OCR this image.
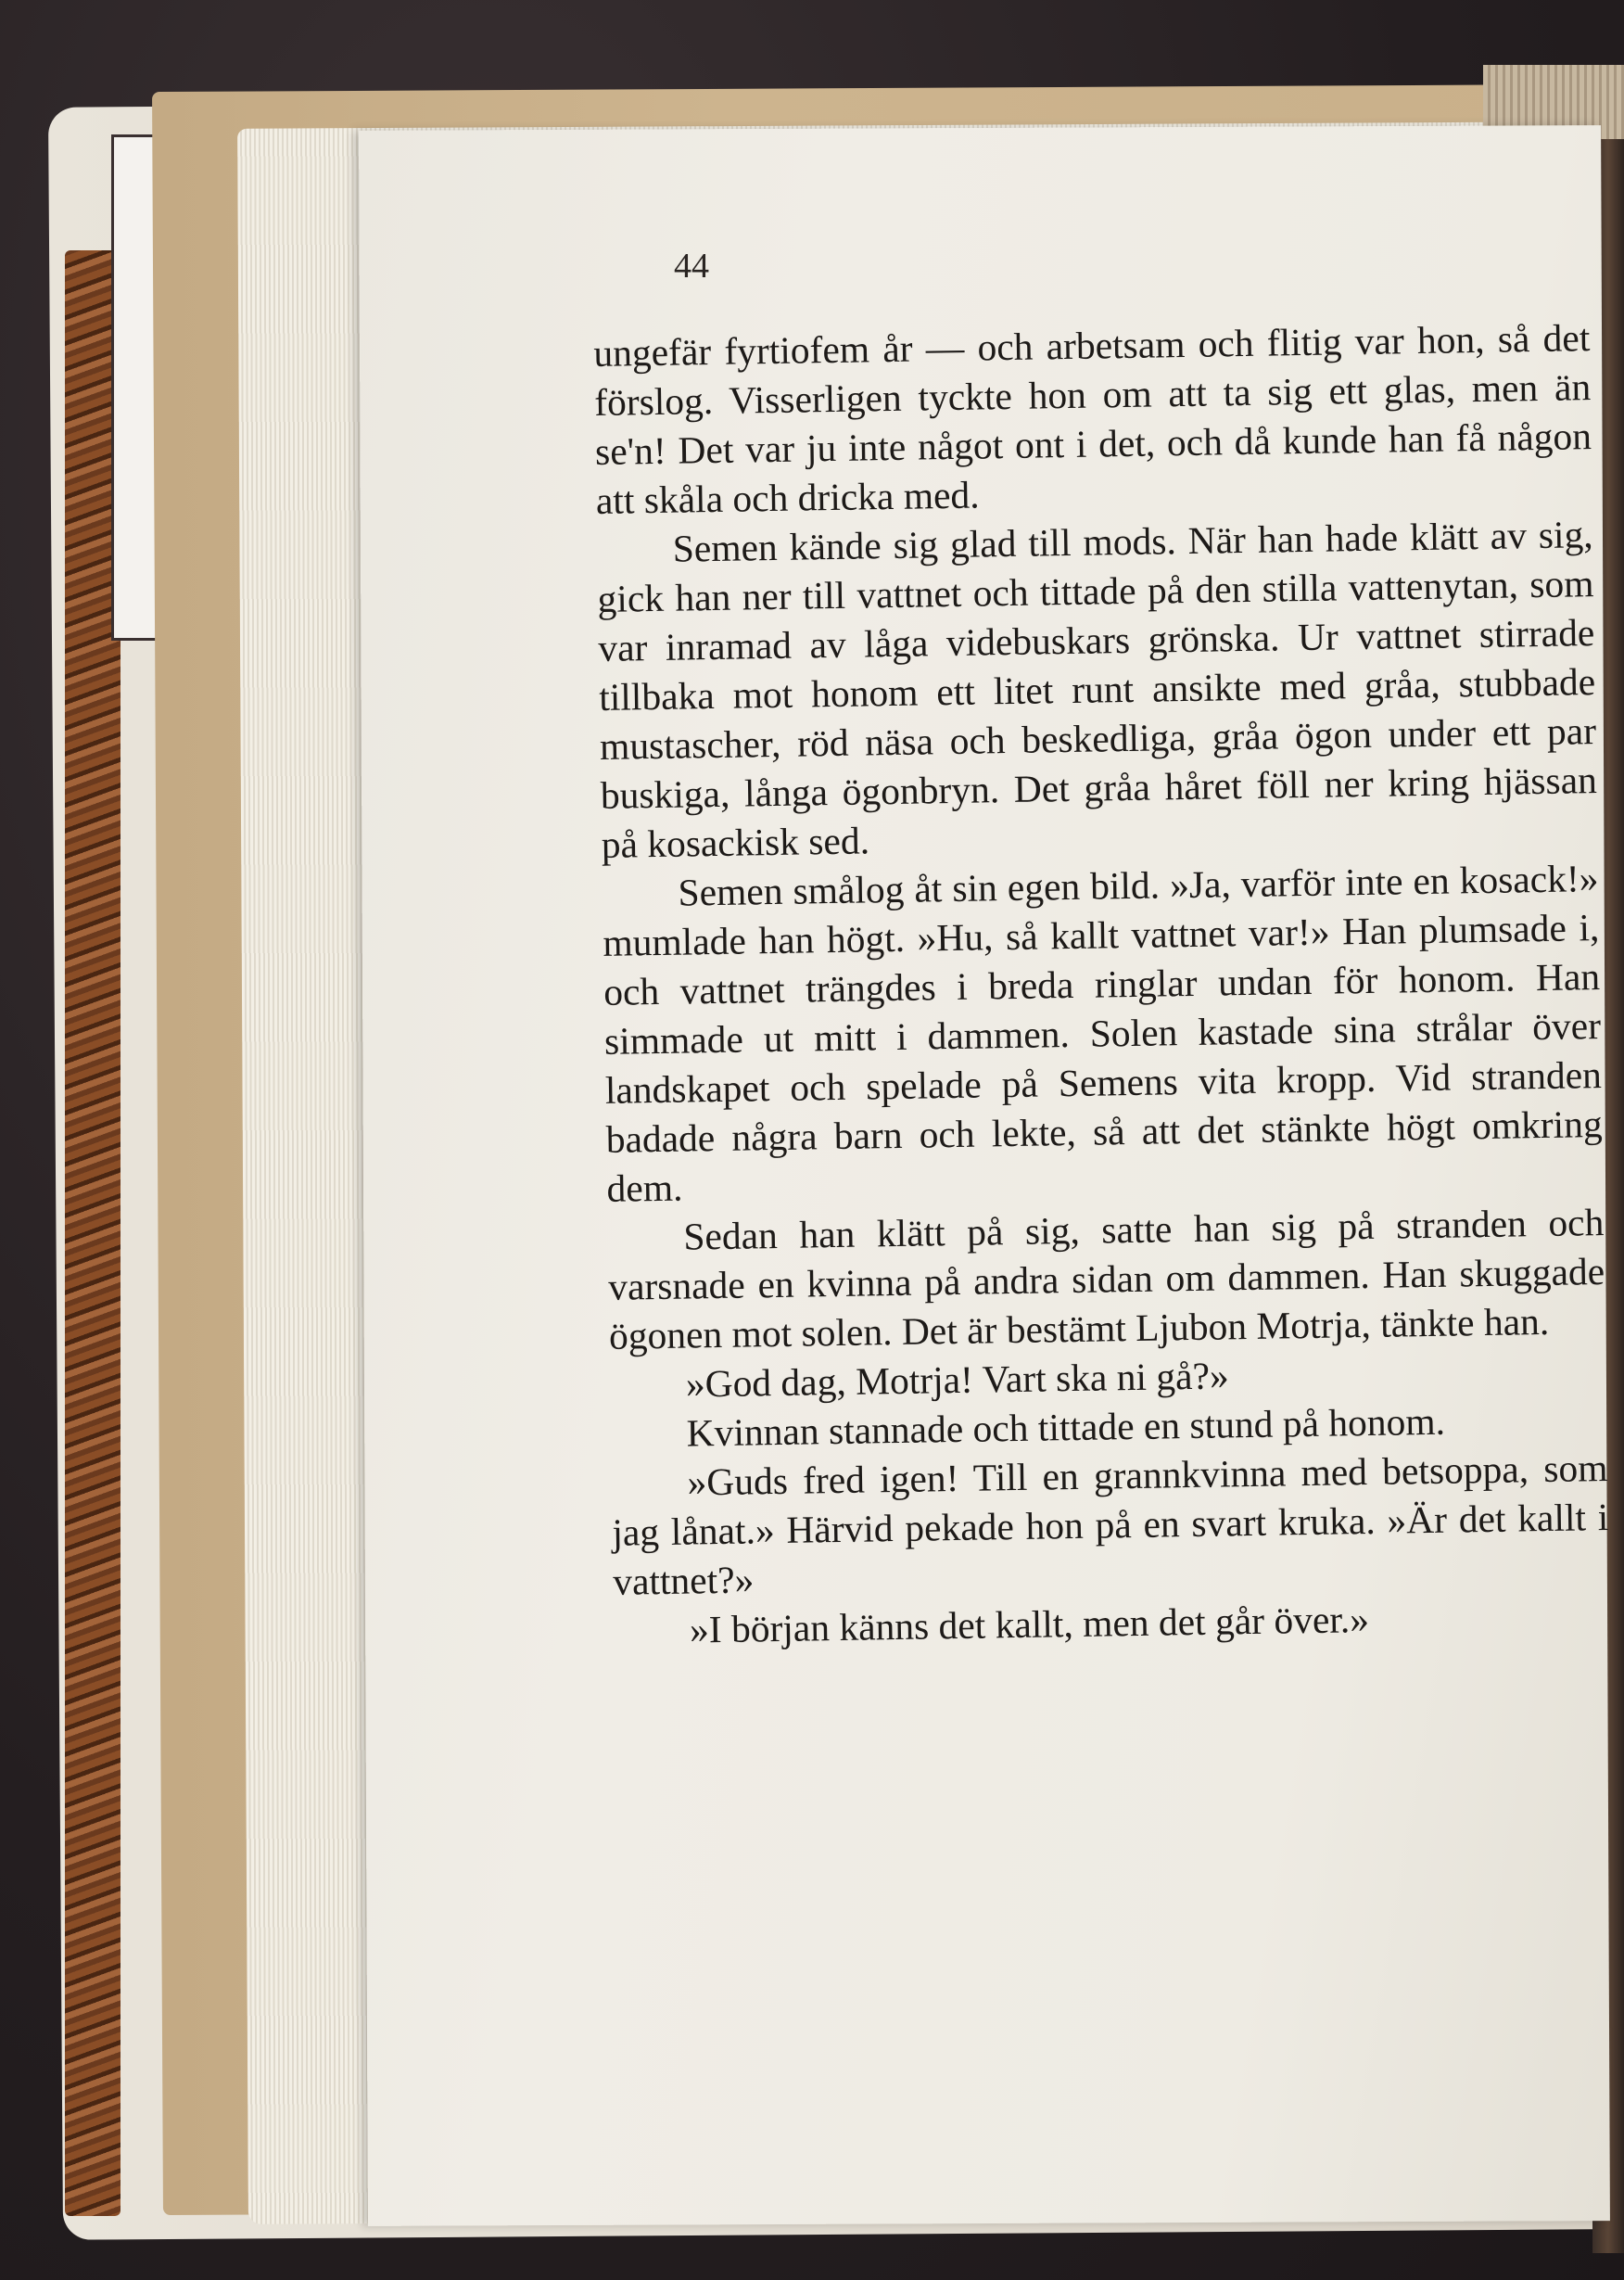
44

ungefär fyrtiofem år — och arbetsam och flitig var hon, så det förslog. Visserligen tyckte hon om att ta sig ett glas, men än se'n! Det var ju inte något ont i det, och då kunde han få någon att skåla och dricka med.

Semen kände sig glad till mods. När han hade klätt av sig, gick han ner till vattnet och tittade på den stilla vattenytan, som var inramad av låga videbuskars grönska. Ur vattnet stirrade tillbaka mot honom ett litet runt ansikte med gråa, stubbade mustascher, röd näsa och beskedliga, gråa ögon under ett par buskiga, långa ögonbryn. Det gråa håret föll ner kring hjässan på kosackisk sed.

Semen smålog åt sin egen bild. »Ja, varför inte en kosack!» mumlade han högt. »Hu, så kallt vattnet var!» Han plumsade i, och vattnet trängdes i breda ringlar undan för honom. Han simmade ut mitt i dammen. Solen kastade sina strålar över landskapet och spelade på Semens vita kropp. Vid stranden badade några barn och lekte, så att det stänkte högt omkring dem.

Sedan han klätt på sig, satte han sig på stranden och varsnade en kvinna på andra sidan om dammen. Han skuggade ögonen mot solen. Det är bestämt Ljubon Motrja, tänkte han.

»God dag, Motrja! Vart ska ni gå?»

Kvinnan stannade och tittade en stund på honom.

»Guds fred igen! Till en grannkvinna med betsoppa, som jag lånat.» Härvid pekade hon på en svart kruka. »Är det kallt i vattnet?»

»I början känns det kallt, men det går över.»
